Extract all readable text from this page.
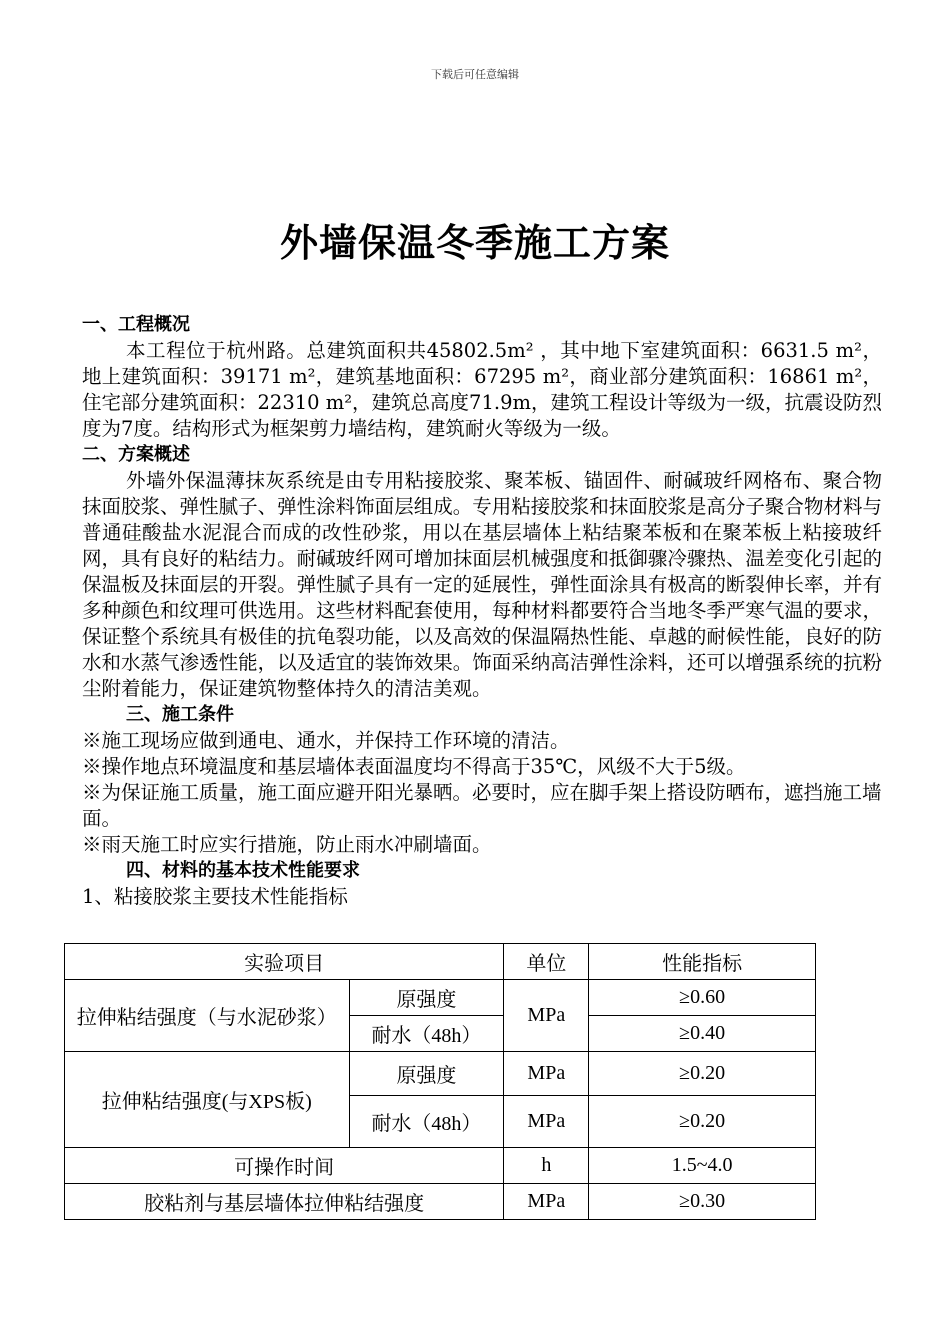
下载后可任意编辑
外墙保温冬季施工方案
一、工程概况
本工程位于杭州路。总建筑面积共45802.5m² ，其中地下室建筑面积：6631.5 m²，地上建筑面积：39171 m²，建筑基地面积：67295 m²，商业部分建筑面积：16861 m²，住宅部分建筑面积：22310 m²，建筑总高度71.9m，建筑工程设计等级为一级，抗震设防烈度为7度。结构形式为框架剪力墙结构，建筑耐火等级为一级。
二、方案概述
外墙外保温薄抹灰系统是由专用粘接胶浆、聚苯板、锚固件、耐碱玻纤网格布、聚合物抹面胶浆、弹性腻子、弹性涂料饰面层组成。专用粘接胶浆和抹面胶浆是高分子聚合物材料与普通硅酸盐水泥混合而成的改性砂浆，用以在基层墙体上粘结聚苯板和在聚苯板上粘接玻纤网，具有良好的粘结力。耐碱玻纤网可增加抹面层机械强度和抵御骤冷骤热、温差变化引起的保温板及抹面层的开裂。弹性腻子具有一定的延展性，弹性面涂具有极高的断裂伸长率，并有多种颜色和纹理可供选用。这些材料配套使用，每种材料都要符合当地冬季严寒气温的要求，保证整个系统具有极佳的抗龟裂功能，以及高效的保温隔热性能、卓越的耐候性能，良好的防水和水蒸气渗透性能，以及适宜的装饰效果。饰面采纳高洁弹性涂料，还可以增强系统的抗粉尘附着能力，保证建筑物整体持久的清洁美观。
三、施工条件
※施工现场应做到通电、通水，并保持工作环境的清洁。
※操作地点环境温度和基层墙体表面温度均不得高于35℃，风级不大于5级。
※为保证施工质量，施工面应避开阳光暴晒。必要时，应在脚手架上搭设防晒布，遮挡施工墙面。
※雨天施工时应实行措施，防止雨水冲刷墙面。
四、材料的基本技术性能要求
1、粘接胶浆主要技术性能指标
实验项目		单位	性能指标
拉伸粘结强度（与水泥砂浆）	原强度	MPa	≥0.60
	耐水（48h）		≥0.40
拉伸粘结强度(与XPS板)	原强度	MPa	≥0.20
	耐水（48h）	MPa	≥0.20
可操作时间		h	1.5~4.0
胶粘剂与基层墙体拉伸粘结强度		MPa	≥0.30
